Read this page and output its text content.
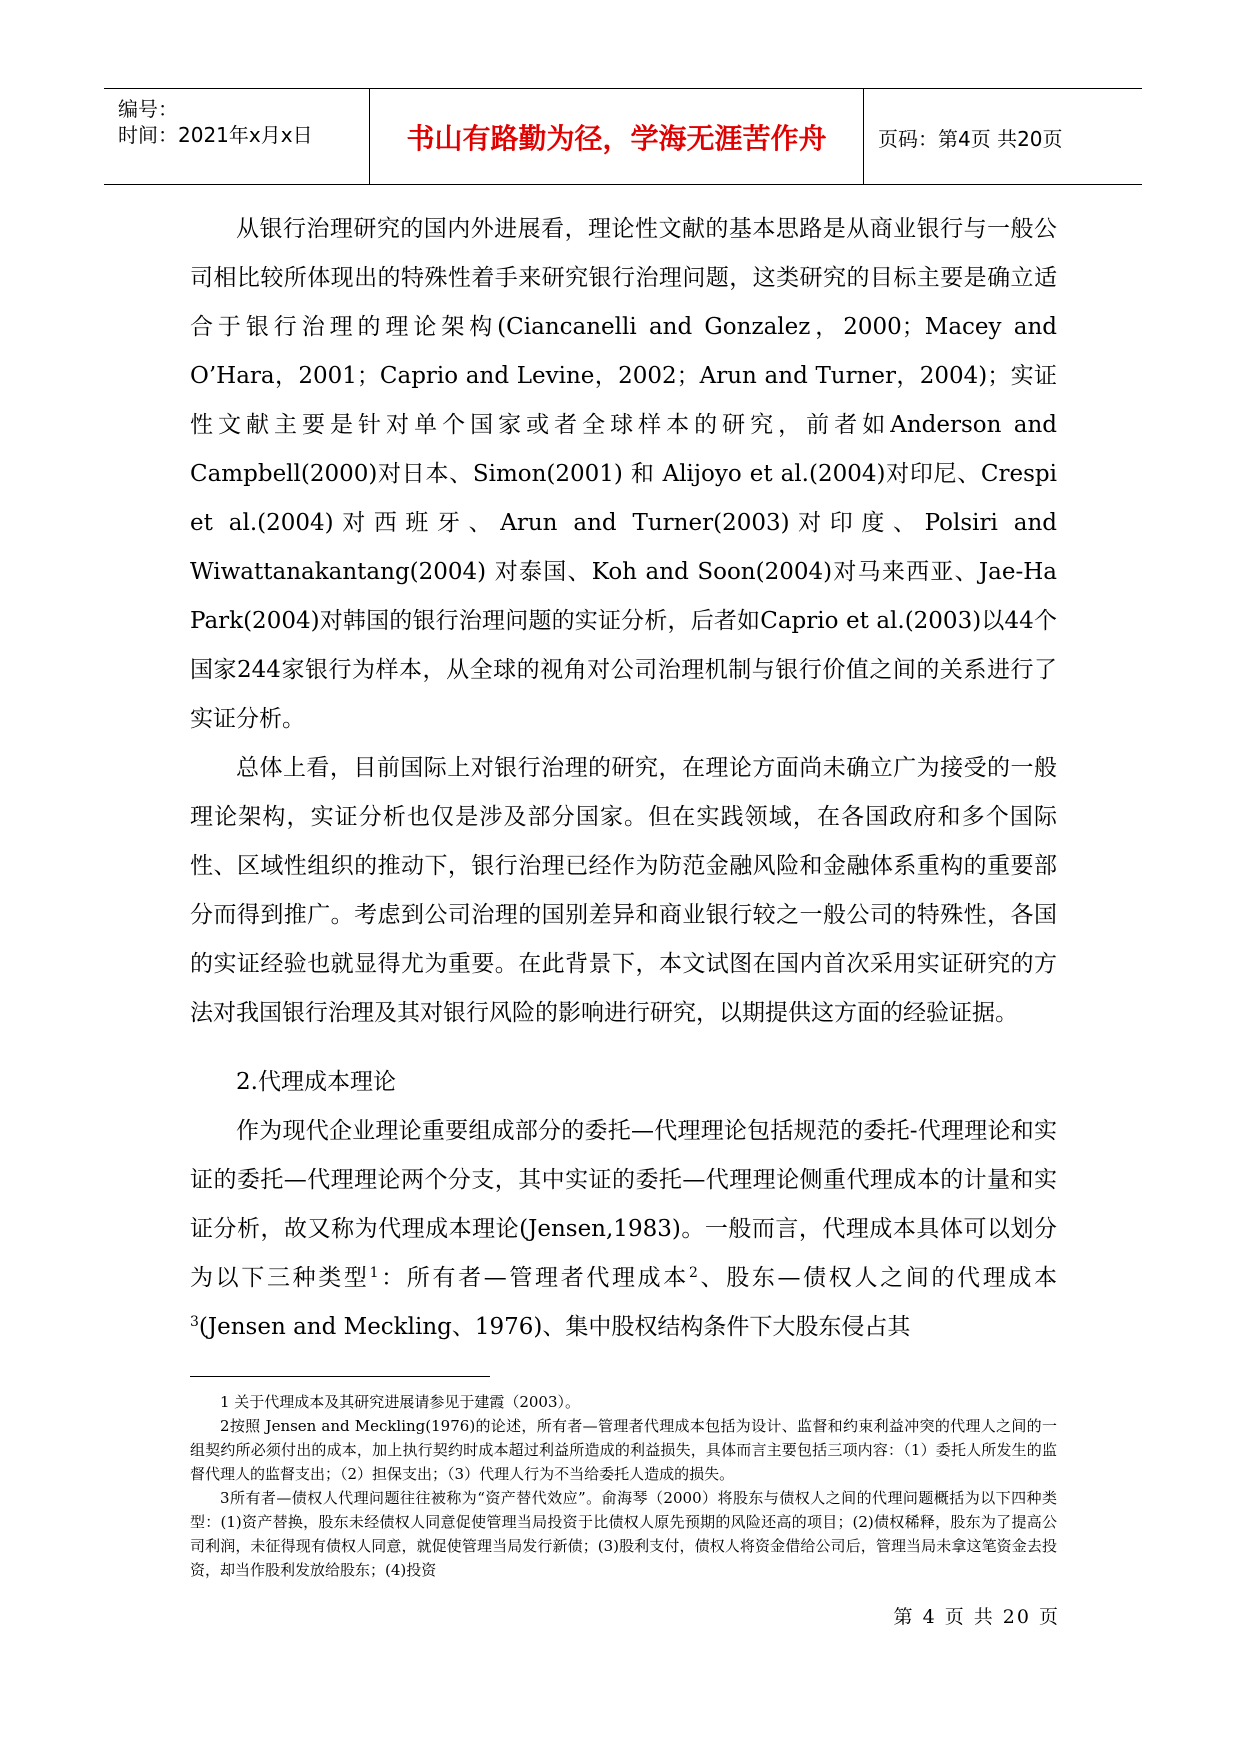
编号：
时间：2021年x月x日	书山有路勤为径，学海无涯苦作舟	页码：第4页 共20页

从银行治理研究的国内外进展看，理论性文献的基本思路是从商业银行与一般公司相比较所体现出的特殊性着手来研究银行治理问题，这类研究的目标主要是确立适合于银行治理的理论架构(Ciancanelli and Gonzalez，2000；Macey and O’Hara，2001；Caprio and Levine，2002；Arun and Turner，2004)；实证性文献主要是针对单个国家或者全球样本的研究，前者如Anderson and Campbell(2000)对日本、Simon(2001) 和 Alijoyo et al.(2004)对印尼、Crespi et al.(2004)对西班牙、Arun and Turner(2003)对印度、Polsiri and Wiwattanakantang(2004) 对泰国、Koh and Soon(2004)对马来西亚、Jae-Ha Park(2004)对韩国的银行治理问题的实证分析，后者如Caprio et al.(2003)以44个国家244家银行为样本，从全球的视角对公司治理机制与银行价值之间的关系进行了实证分析。

总体上看，目前国际上对银行治理的研究，在理论方面尚未确立广为接受的一般理论架构，实证分析也仅是涉及部分国家。但在实践领域，在各国政府和多个国际性、区域性组织的推动下，银行治理已经作为防范金融风险和金融体系重构的重要部分而得到推广。考虑到公司治理的国别差异和商业银行较之一般公司的特殊性，各国的实证经验也就显得尤为重要。在此背景下，本文试图在国内首次采用实证研究的方法对我国银行治理及其对银行风险的影响进行研究，以期提供这方面的经验证据。

2.代理成本理论

作为现代企业理论重要组成部分的委托—代理理论包括规范的委托-代理理论和实证的委托—代理理论两个分支，其中实证的委托—代理理论侧重代理成本的计量和实证分析，故又称为代理成本理论(Jensen,1983)。一般而言，代理成本具体可以划分为以下三种类型$^1$：所有者—管理者代理成本$^2$、股东—债权人之间的代理成本 $^3$(Jensen and Meckling、1976)、集中股权结构条件下大股东侵占其

1 关于代理成本及其研究进展请参见于建霞（2003）。

2按照 Jensen and Meckling(1976)的论述，所有者—管理者代理成本包括为设计、监督和约束利益冲突的代理人之间的一组契约所必须付出的成本，加上执行契约时成本超过利益所造成的利益损失，具体而言主要包括三项内容：（1）委托人所发生的监督代理人的监督支出；（2）担保支出；（3）代理人行为不当给委托人造成的损失。

3所有者—债权人代理问题往往被称为“资产替代效应”。俞海琴（2000）将股东与债权人之间的代理问题概括为以下四种类型：(1)资产替换，股东未经债权人同意促使管理当局投资于比债权人原先预期的风险还高的项目；(2)债权稀释，股东为了提高公司利润，未征得现有债权人同意，就促使管理当局发行新债；(3)股利支付，债权人将资金借给公司后，管理当局未拿这笔资金去投资，却当作股利发放给股东；(4)投资

第 4 页 共 20 页
